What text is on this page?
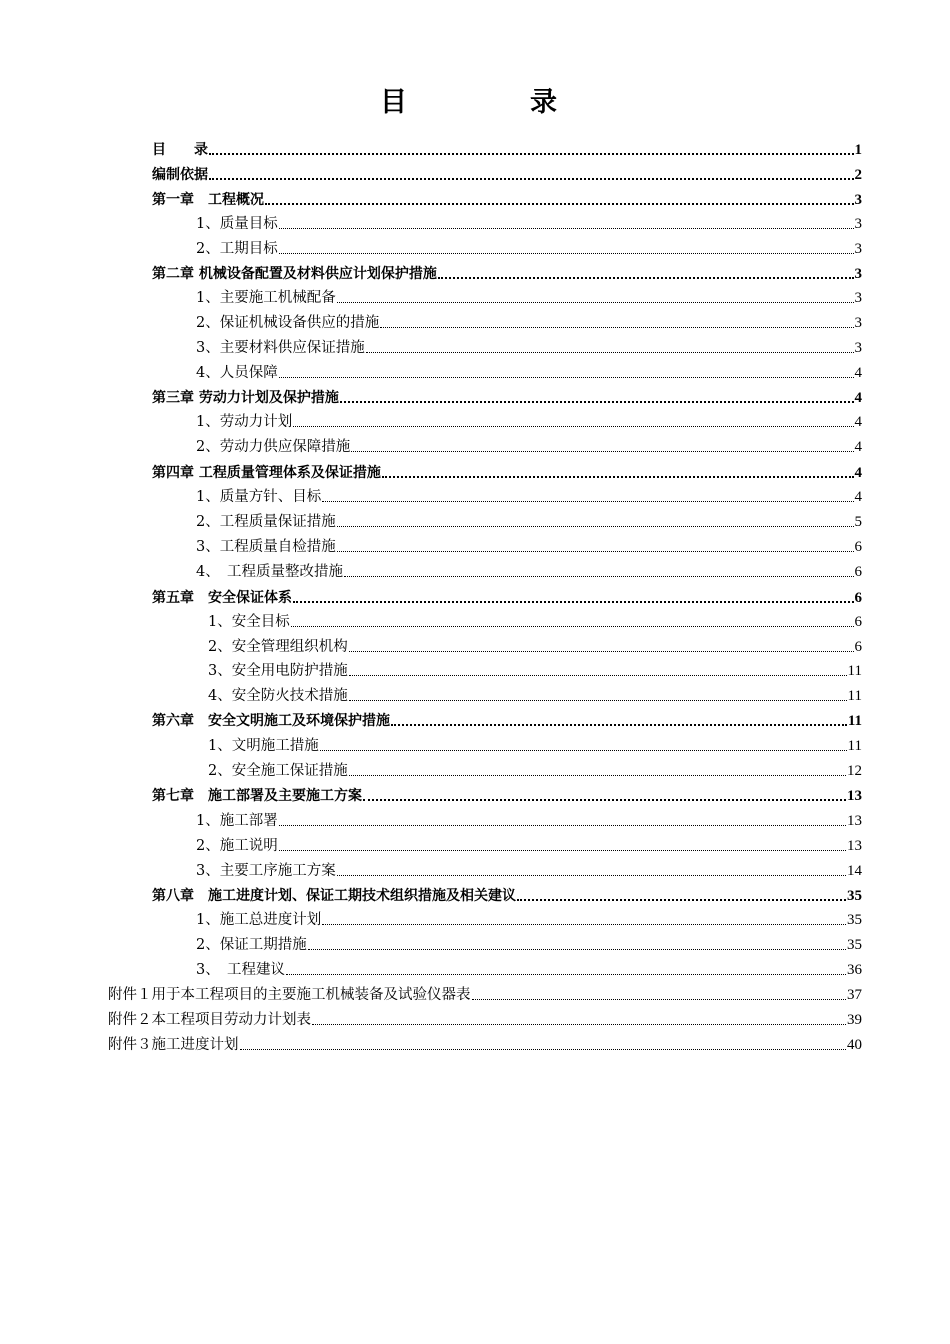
目　录
目　　录	1
编制依据	2
第一章　工程概况	3
1、质量目标	3
2、工期目标	3
第二章 机械设备配置及材料供应计划保护措施	3
1、主要施工机械配备	3
2、保证机械设备供应的措施	3
3、主要材料供应保证措施	3
4、人员保障	4
第三章 劳动力计划及保护措施	4
1、劳动力计划	4
2、劳动力供应保障措施	4
第四章 工程质量管理体系及保证措施	4
1、质量方针、目标	4
2、工程质量保证措施	5
3、工程质量自检措施	6
4、　工程质量整改措施	6
第五章　安全保证体系	6
1、安全目标	6
2、安全管理组织机构	6
3、安全用电防护措施	11
4、安全防火技术措施	11
第六章　安全文明施工及环境保护措施	11
1、文明施工措施	11
2、安全施工保证措施	12
第七章　施工部署及主要施工方案	13
1、施工部署	13
2、施工说明	13
3、主要工序施工方案	14
第八章　施工进度计划、保证工期技术组织措施及相关建议	35
1、施工总进度计划	35
2、保证工期措施	35
3、　工程建议	36
附件１用于本工程项目的主要施工机械装备及试验仪器表	37
附件２本工程项目劳动力计划表	39
附件３施工进度计划	40
